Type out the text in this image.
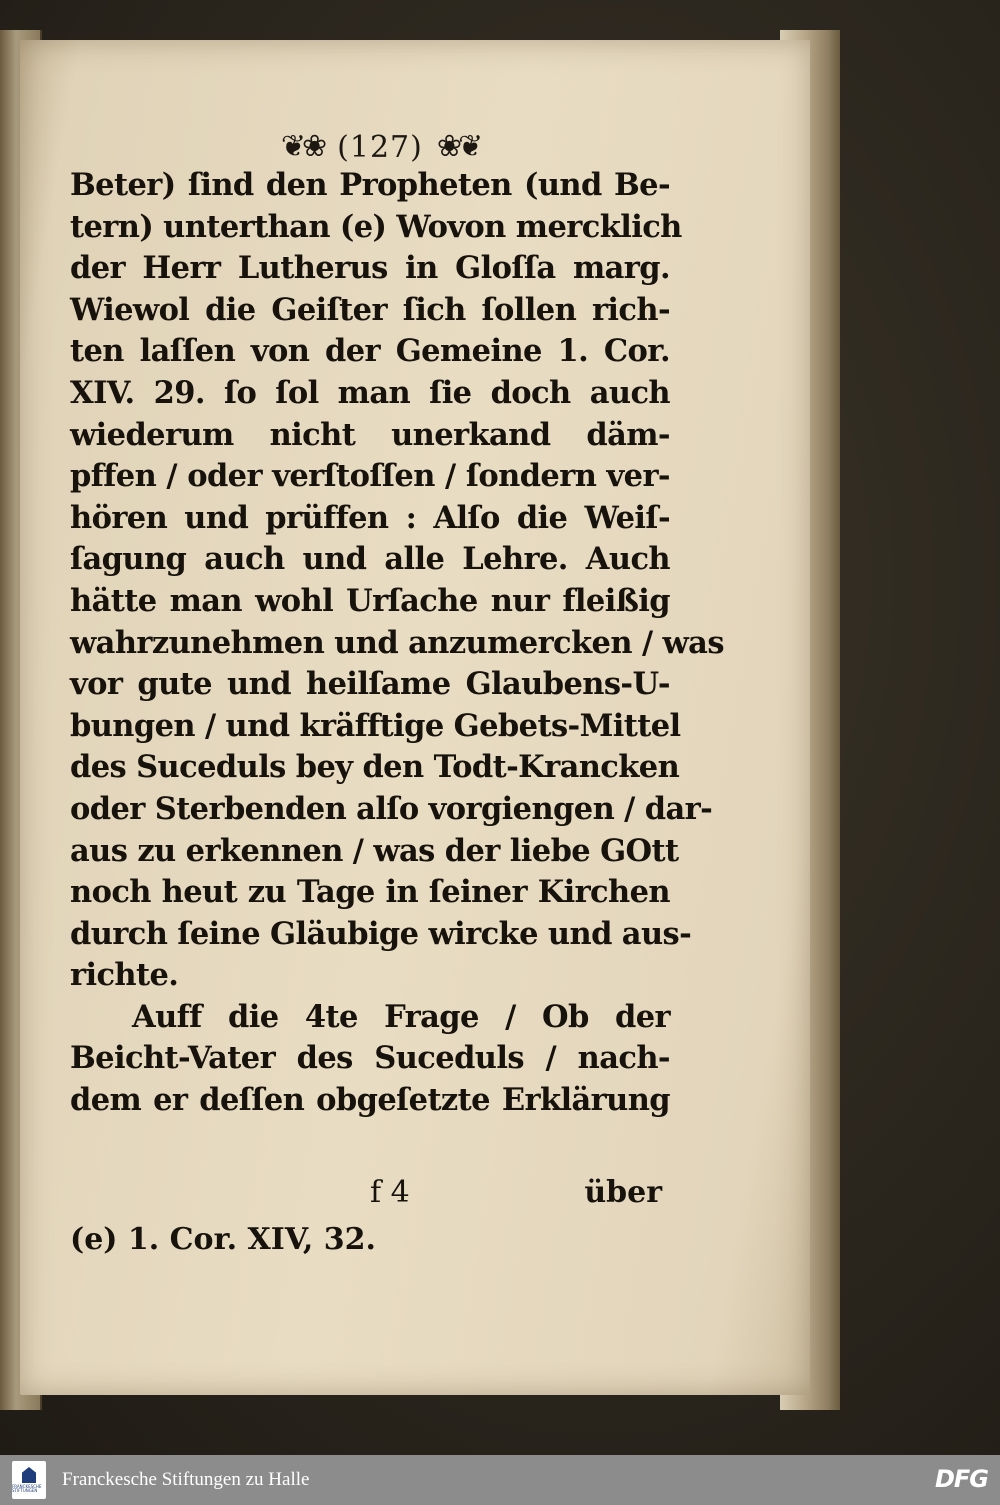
❦❀ (127) ❀❦
Beter) ſind den Propheten (und Be-
tern) unterthan (e) Wovon mercklich
der Herr Lutherus in Gloſſa marg.
Wiewol die Geiſter ſich ſollen rich-
ten laſſen von der Gemeine 1. Cor.
XIV. 29. ſo ſol man ſie doch auch
wiederum nicht unerkand däm-
pffen / oder verſtoſſen / ſondern ver-
hören und prüffen : Alſo die Weiſ-
ſagung auch und alle Lehre. Auch
hätte man wohl Urſache nur fleißig
wahrzunehmen und anzumercken / was
vor gute und heilſame Glaubens-U-
bungen / und kräfftige Gebets-Mittel
des Suceduls bey den Todt-Krancken
oder Sterbenden alſo vorgiengen / dar-
aus zu erkennen / was der liebe GOtt
noch heut zu Tage in ſeiner Kirchen
durch ſeine Gläubige wircke und aus-
richte.
Auff die 4te Frage / Ob der
Beicht-Vater des Suceduls / nach-
dem er deſſen obgeſetzte Erklärung
f 4	über
(e) 1. Cor. XIV, 32.
FRANCKESCHE STIFTUNGEN
Franckesche Stiftungen zu Halle	DFG
